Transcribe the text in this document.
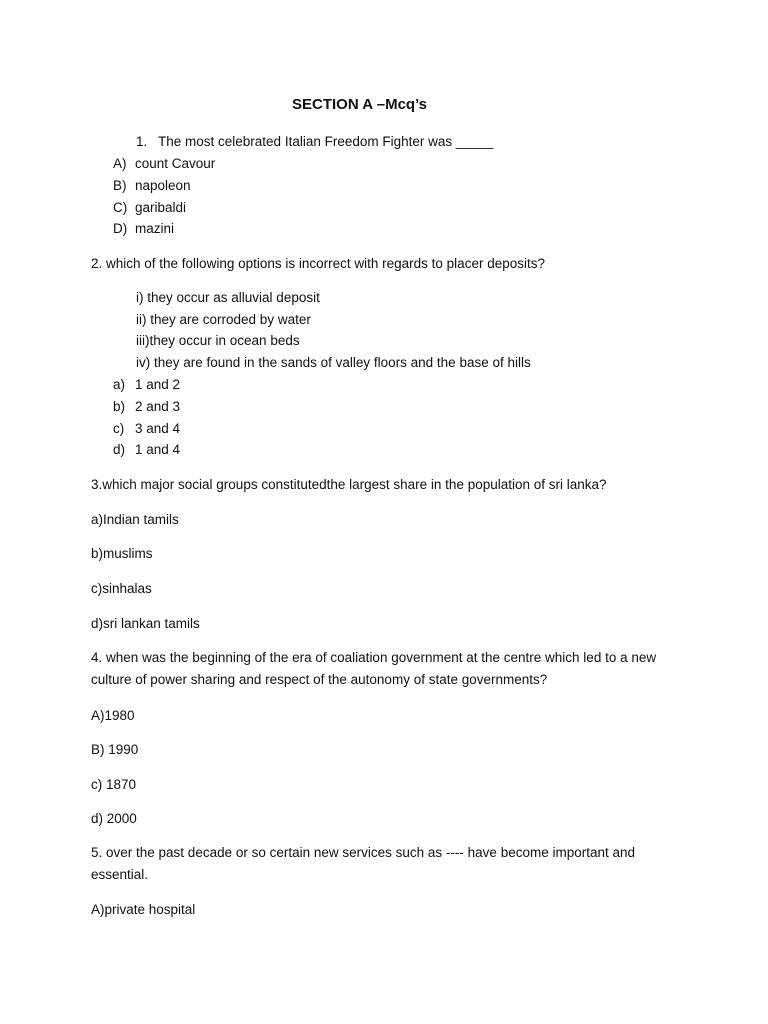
SECTION A –Mcq’s
1. The most celebrated Italian Freedom Fighter was _____
A) count Cavour
B) napoleon
C) garibaldi
D) mazini
2. which of the following options is incorrect with regards to placer deposits?
i) they occur as alluvial deposit
ii) they are corroded by water
iii)they occur in ocean beds
iv) they are found in the sands of valley floors and the base of hills
a) 1 and 2
b) 2 and 3
c) 3 and 4
d) 1 and 4
3.which major social groups constitutedthe largest share in the population of sri lanka?
a)Indian tamils
b)muslims
c)sinhalas
d)sri lankan tamils
4. when was the beginning of the era of coaliation government at the centre which led to a new culture of power sharing and respect of the autonomy of state governments?
A)1980
B) 1990
c) 1870
d) 2000
5. over the past decade or so certain new services such as ---- have become important and essential.
A)private hospital
